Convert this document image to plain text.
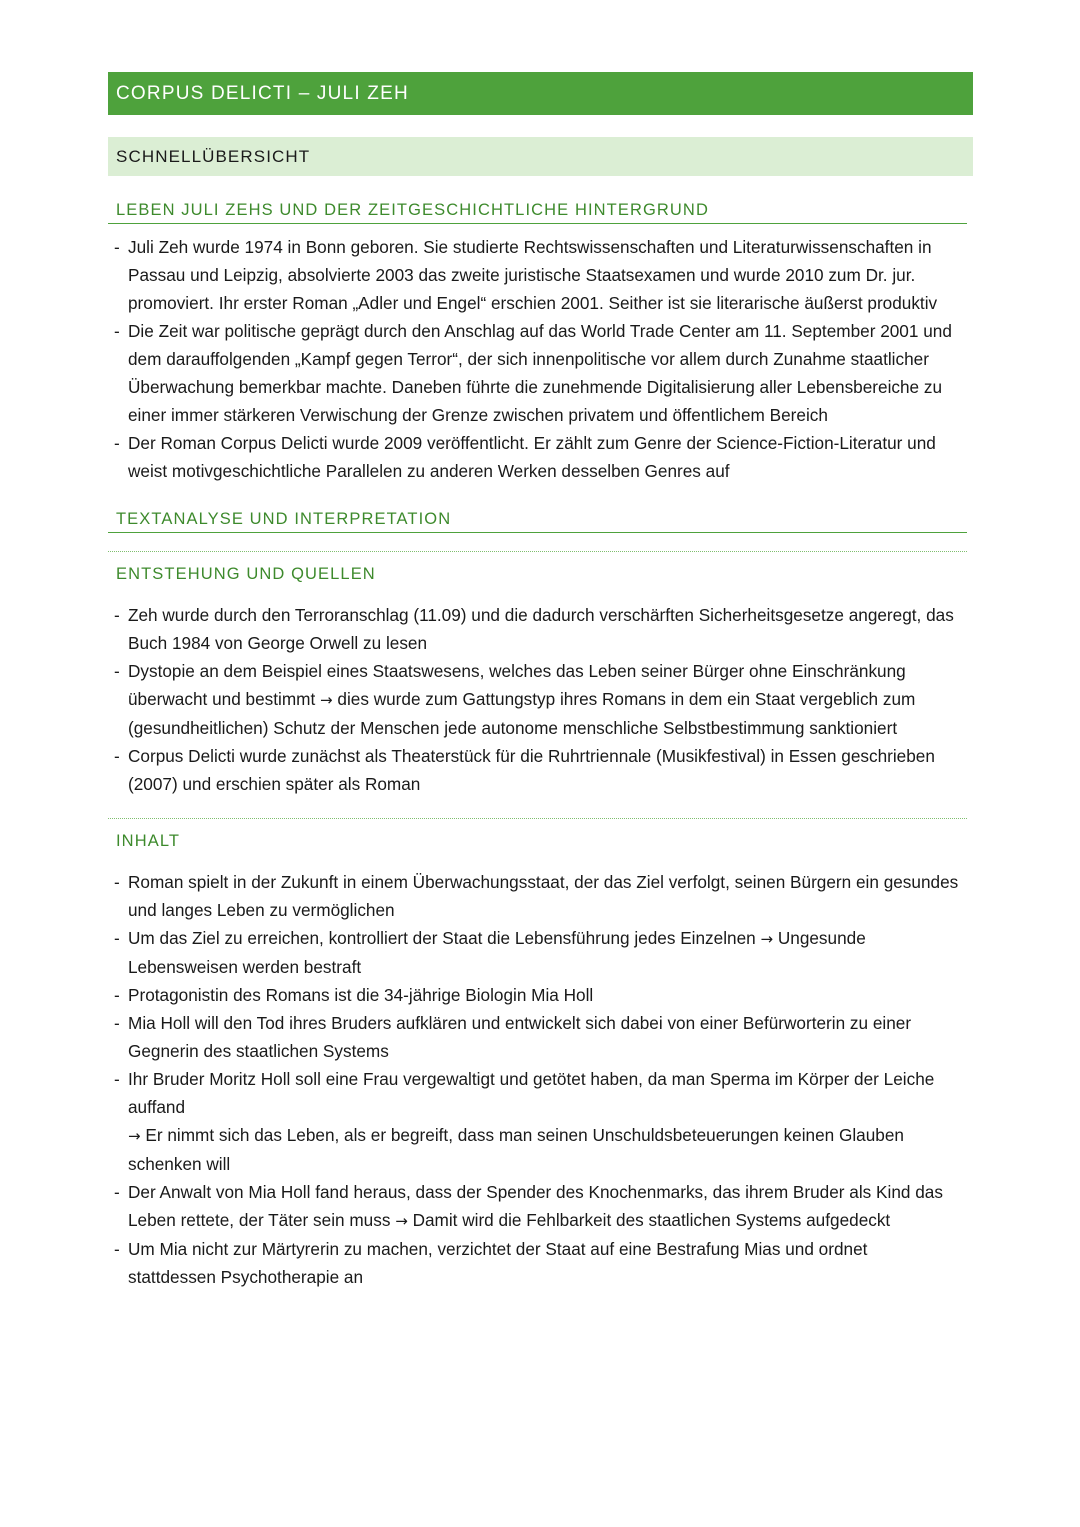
CORPUS DELICTI – JULI ZEH
SCHNELLÜBERSICHT
LEBEN JULI ZEHS UND DER ZEITGESCHICHTLICHE HINTERGRUND
- Juli Zeh wurde 1974 in Bonn geboren. Sie studierte Rechtswissenschaften und Literaturwissenschaften in Passau und Leipzig, absolvierte 2003 das zweite juristische Staatsexamen und wurde 2010 zum Dr. jur. promoviert. Ihr erster Roman „Adler und Engel“ erschien 2001. Seither ist sie literarische äußerst produktiv
- Die Zeit war politische geprägt durch den Anschlag auf das World Trade Center am 11. September 2001 und dem darauffolgenden „Kampf gegen Terror“, der sich innenpolitische vor allem durch Zunahme staatlicher Überwachung bemerkbar machte. Daneben führte die zunehmende Digitalisierung aller Lebensbereiche zu einer immer stärkeren Verwischung der Grenze zwischen privatem und öffentlichem Bereich
- Der Roman Corpus Delicti wurde 2009 veröffentlicht. Er zählt zum Genre der Science-Fiction-Literatur und weist motivgeschichtliche Parallelen zu anderen Werken desselben Genres auf
TEXTANALYSE UND INTERPRETATION
ENTSTEHUNG UND QUELLEN
- Zeh wurde durch den Terroranschlag (11.09) und die dadurch verschärften Sicherheitsgesetze angeregt, das Buch 1984 von George Orwell zu lesen
- Dystopie an dem Beispiel eines Staatswesens, welches das Leben seiner Bürger ohne Einschränkung überwacht und bestimmt → dies wurde zum Gattungstyp ihres Romans in dem ein Staat vergeblich zum (gesundheitlichen) Schutz der Menschen jede autonome menschliche Selbstbestimmung sanktioniert
- Corpus Delicti wurde zunächst als Theaterstück für die Ruhrtriennale (Musikfestival) in Essen geschrieben (2007) und erschien später als Roman
INHALT
- Roman spielt in der Zukunft in einem Überwachungsstaat, der das Ziel verfolgt, seinen Bürgern ein gesundes und langes Leben zu vermöglichen
- Um das Ziel zu erreichen, kontrolliert der Staat die Lebensführung jedes Einzelnen → Ungesunde Lebensweisen werden bestraft
- Protagonistin des Romans ist die 34-jährige Biologin Mia Holl
- Mia Holl will den Tod ihres Bruders aufklären und entwickelt sich dabei von einer Befürworterin zu einer Gegnerin des staatlichen Systems
- Ihr Bruder Moritz Holl soll eine Frau vergewaltigt und getötet haben, da man Sperma im Körper der Leiche auffand
→ Er nimmt sich das Leben, als er begreift, dass man seinen Unschuldsbeteuerungen keinen Glauben schenken will
- Der Anwalt von Mia Holl fand heraus, dass der Spender des Knochenmarks, das ihrem Bruder als Kind das Leben rettete, der Täter sein muss → Damit wird die Fehlbarkeit des staatlichen Systems aufgedeckt
- Um Mia nicht zur Märtyrerin zu machen, verzichtet der Staat auf eine Bestrafung Mias und ordnet stattdessen Psychotherapie an
